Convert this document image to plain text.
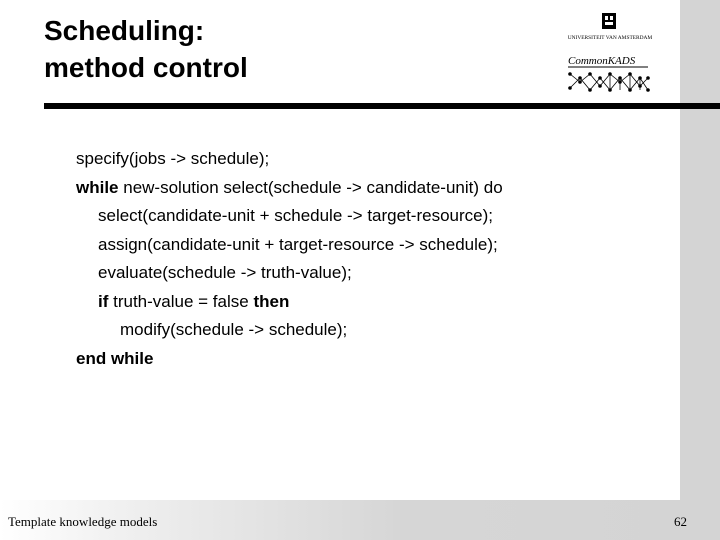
Scheduling:
method control
UNIVERSITEIT VAN AMSTERDAM
CommonKADS
specify(jobs -> schedule);
while new-solution select(schedule -> candidate-unit) do
select(candidate-unit + schedule -> target-resource);
assign(candidate-unit + target-resource -> schedule);
evaluate(schedule -> truth-value);
if truth-value = false then
modify(schedule -> schedule);
end while
Template knowledge models	62
